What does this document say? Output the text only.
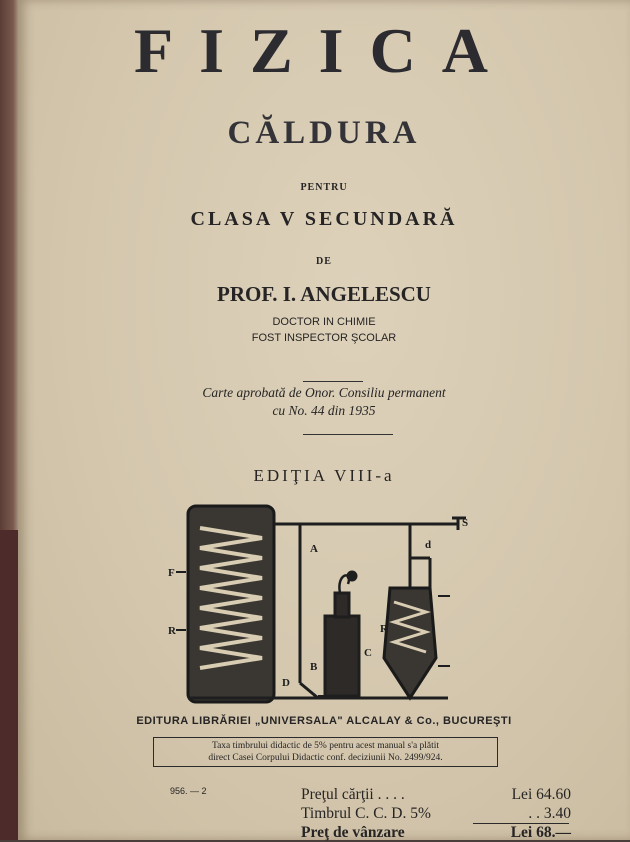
FIZICA
CĂLDURA
PENTRU
CLASA V SECUNDARĂ
DE
PROF. I. ANGELESCU
DOCTOR IN CHIMIE
FOST INSPECTOR ŞCOLAR
Carte aprobată de Onor. Consiliu permanent
cu No. 44 din 1935
EDIŢIA VIII-a
A
B
C
D
R
R
F
S
d
EDITURA LIBRĂRIEI „UNIVERSALA" ALCALAY & Co., BUCUREŞTI
Taxa timbrului didactic de 5% pentru acest manual s'a plătit
direct Casei Corpului Didactic conf. deciziunii No. 2499/924.
956. — 2	Preţul cărţii . . . .	Lei 64.60
Timbrul C. C. D. 5%	. . 3.40
Preţ de vânzare	Lei 68.—
